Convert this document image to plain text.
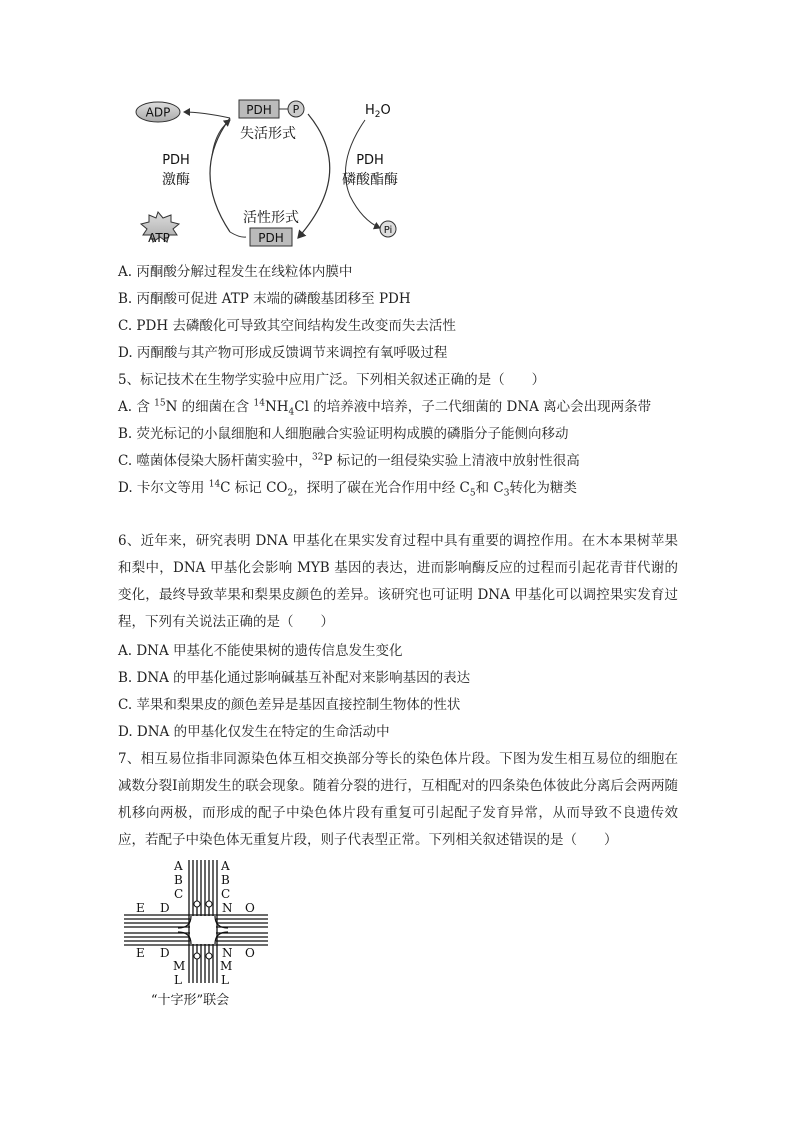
ADP
ATP
PDH P
失活形式
PDH
活性形式
PDH
激酶
PDH
磷酸酯酶
$H_2O$
Pi
A. 丙酮酸分解过程发生在线粒体内膜中
B. 丙酮酸可促进 ATP 末端的磷酸基团移至 PDH
C. PDH 去磷酸化可导致其空间结构发生改变而失去活性
D. 丙酮酸与其产物可形成反馈调节来调控有氧呼吸过程
5、标记技术在生物学实验中应用广泛。下列相关叙述正确的是（　　）
A. 含 $^{15}$N 的细菌在含 $^{14}NH_4Cl$ 的培养液中培养，子二代细菌的 DNA 离心会出现两条带
B. 荧光标记的小鼠细胞和人细胞融合实验证明构成膜的磷脂分子能侧向移动
C. 噬菌体侵染大肠杆菌实验中，$^{32}$P 标记的一组侵染实验上清液中放射性很高
D. 卡尔文等用 $^{14}$C 标记 $CO_2$，探明了碳在光合作用中经 $C_5$和 $C_3$转化为糖类
6、近年来，研究表明 DNA 甲基化在果实发育过程中具有重要的调控作用。在木本果树苹果和梨中，DNA 甲基化会影响 MYB 基因的表达，进而影响酶反应的过程而引起花青苷代谢的变化，最终导致苹果和梨果皮颜色的差异。该研究也可证明 DNA 甲基化可以调控果实发育过程，下列有关说法正确的是（　　）
A. DNA 甲基化不能使果树的遗传信息发生变化
B. DNA 的甲基化通过影响碱基互补配对来影响基因的表达
C. 苹果和梨果皮的颜色差异是基因直接控制生物体的性状
D. DNA 的甲基化仅发生在特定的生命活动中
7、相互易位指非同源染色体互相交换部分等长的染色体片段。下图为发生相互易位的细胞在减数分裂Ⅰ前期发生的联会现象。随着分裂的进行，互相配对的四条染色体彼此分离后会两两随机移向两极，而形成的配子中染色体片段有重复可引起配子发育异常，从而导致不良遗传效应，若配子中染色体无重复片段，则子代表型正常。下列相关叙述错误的是（　　）
A
B
C
A
B
C
E D
E D
N O
N O
M
L
M
L
“十字形”联会
